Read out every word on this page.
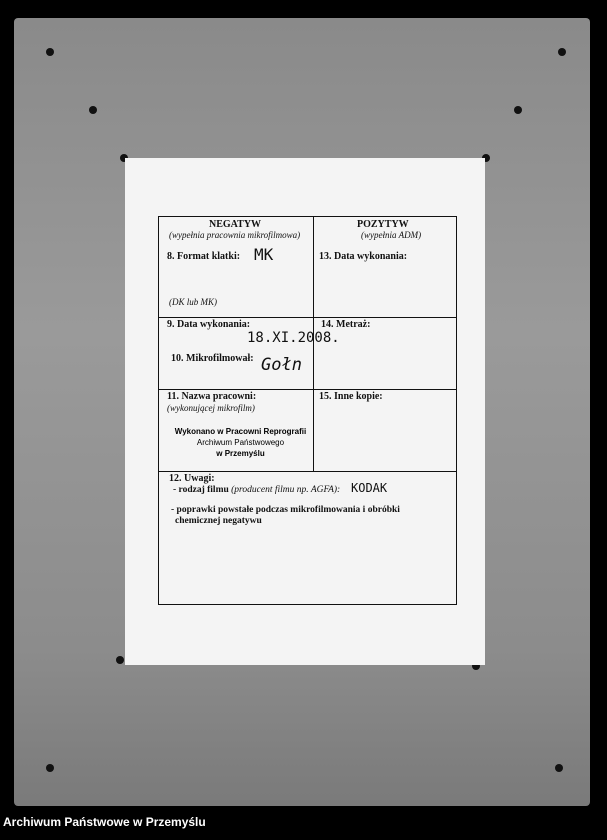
NEGATYW
(wypełnia pracownia mikrofilmowa)
POZYTYW
(wypełnia ADM)
8. Format klatki: MK
(DK lub MK)
13. Data wykonania:
9. Data wykonania:
18.XI.2008.
10. Mikrofilmował: Gołn
14. Metraż:
11. Nazwa pracowni:
(wykonującej mikrofilm)
15. Inne kopie:
12. Uwagi:
- rodzaj filmu (producent filmu np. AGFA): KODAK
- poprawki powstałe podczas mikrofilmowania i obróbki
chemicznej negatywu
Wykonano w Pracowni Reprografii
Archiwum Państwowego
w Przemyślu
Archiwum Państwowe w Przemyślu
